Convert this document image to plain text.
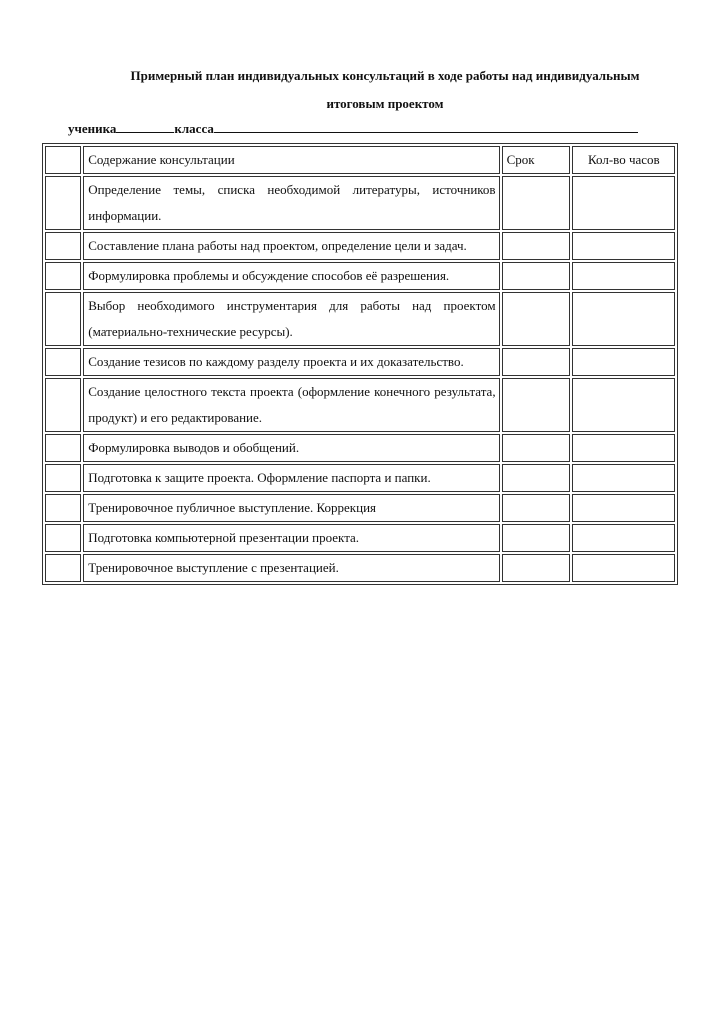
Примерный план индивидуальных консультаций в ходе работы над индивидуальным
итоговым проектом
ученика	класса
	Содержание консультации	Срок	Кол-во часов
	Определение темы, списка необходимой литературы, источников информации.		
	Составление плана работы над проектом, определение цели и задач.		
	Формулировка проблемы и обсуждение способов её разрешения.		
	Выбор необходимого инструментария для работы над проектом (материально-технические ресурсы).		
	Создание тезисов по каждому разделу проекта и их доказательство.		
	Создание целостного текста проекта (оформление конечного результата, продукт) и его редактирование.		
	Формулировка выводов и обобщений.		
	Подготовка к защите проекта. Оформление паспорта и папки.		
	Тренировочное публичное выступление. Коррекция		
	Подготовка компьютерной презентации проекта.		
	Тренировочное выступление с презентацией.		
